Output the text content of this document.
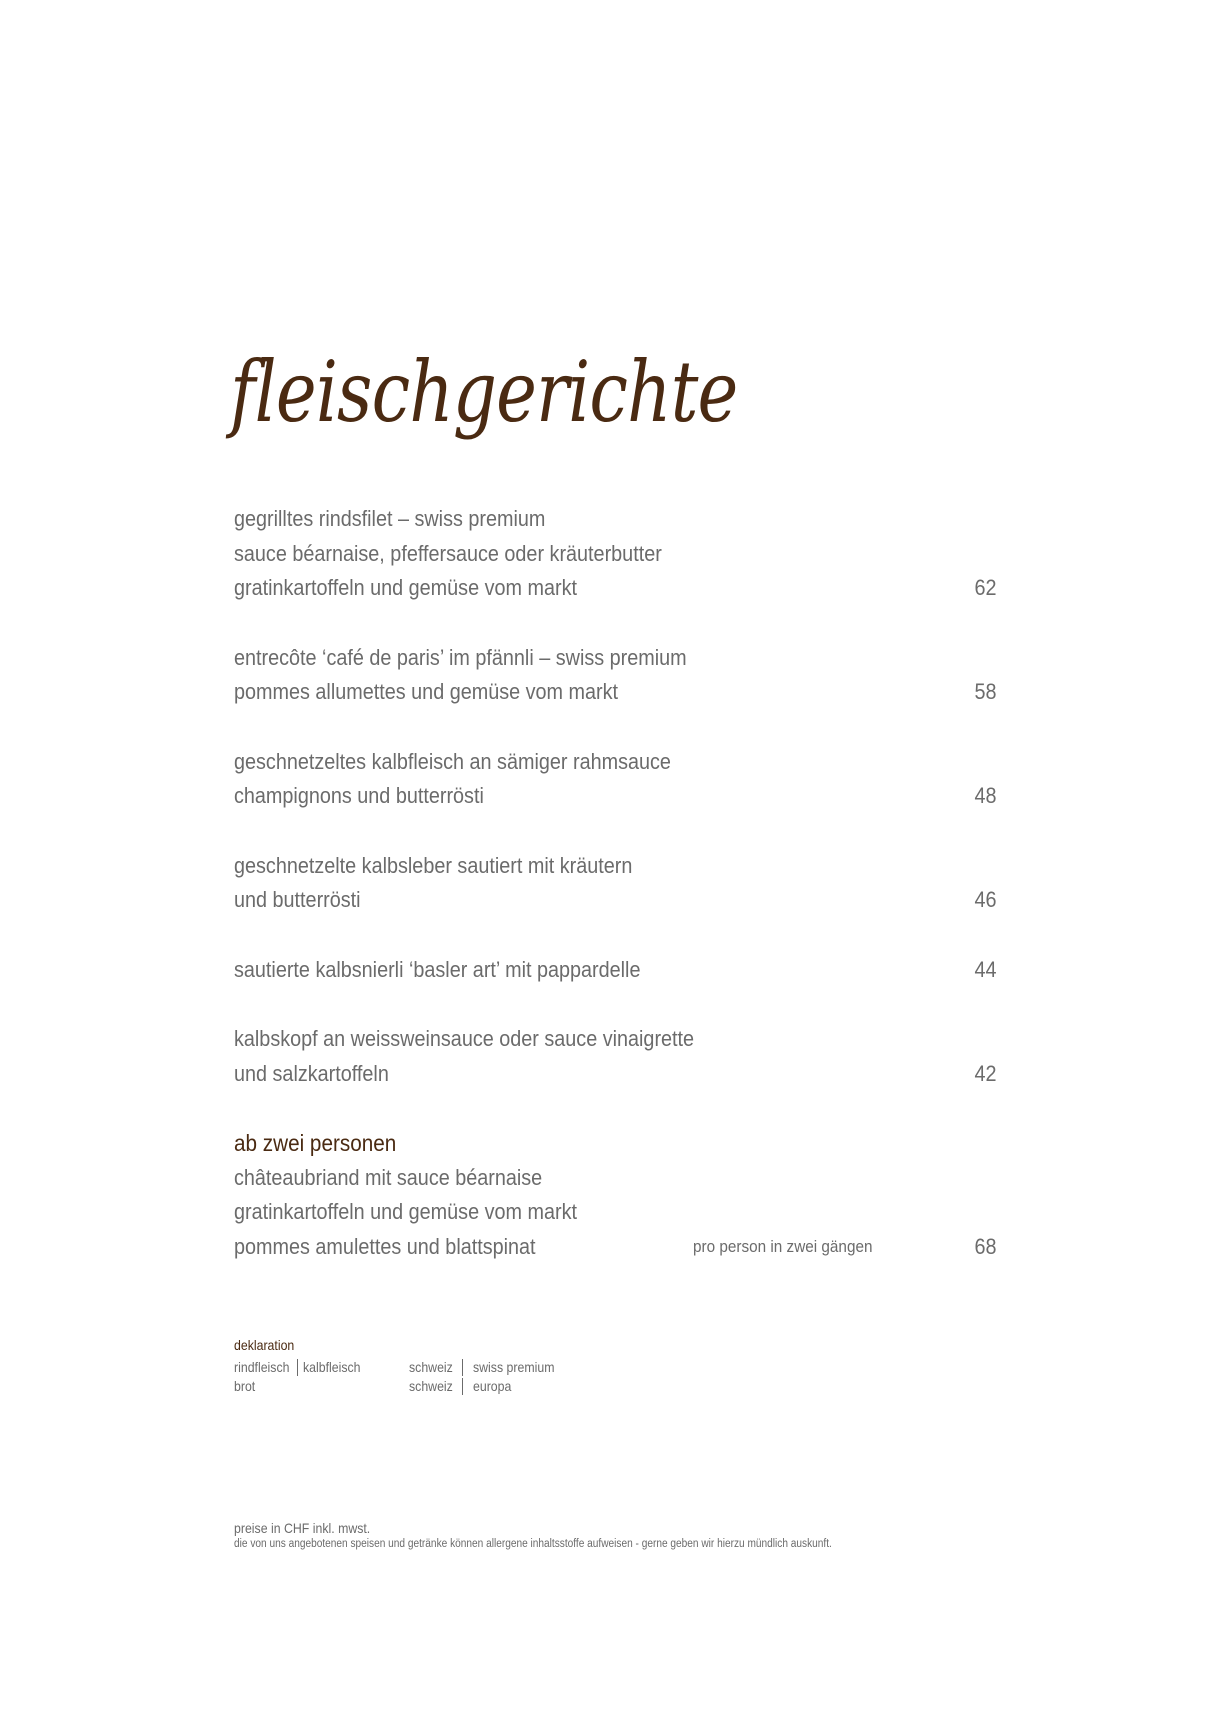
fleischgerichte
gegrilltes rindsfilet – swiss premium
sauce béarnaise, pfeffersauce oder kräuterbutter
gratinkartoffeln und gemüse vom markt	62
entrecôte ‘café de paris’ im pfännli – swiss premium
pommes allumettes und gemüse vom markt	58
geschnetzeltes kalbfleisch an sämiger rahmsauce
champignons und butterrösti	48
geschnetzelte kalbsleber sautiert mit kräutern
und butterrösti	46
sautierte kalbsnierli ‘basler art’ mit pappardelle	44
kalbskopf an weissweinsauce oder sauce vinaigrette
und salzkartoffeln	42
ab zwei personen
châteaubriand mit sauce béarnaise
gratinkartoffeln und gemüse vom markt
pommes amulettes und blattspinat	pro person in zwei gängen	68
deklaration
rindfleisch kalbfleisch	schweiz swiss premium
brot	schweiz europa
preise in CHF inkl. mwst.
die von uns angebotenen speisen und getränke können allergene inhaltsstoffe aufweisen - gerne geben wir hierzu mündlich auskunft.
